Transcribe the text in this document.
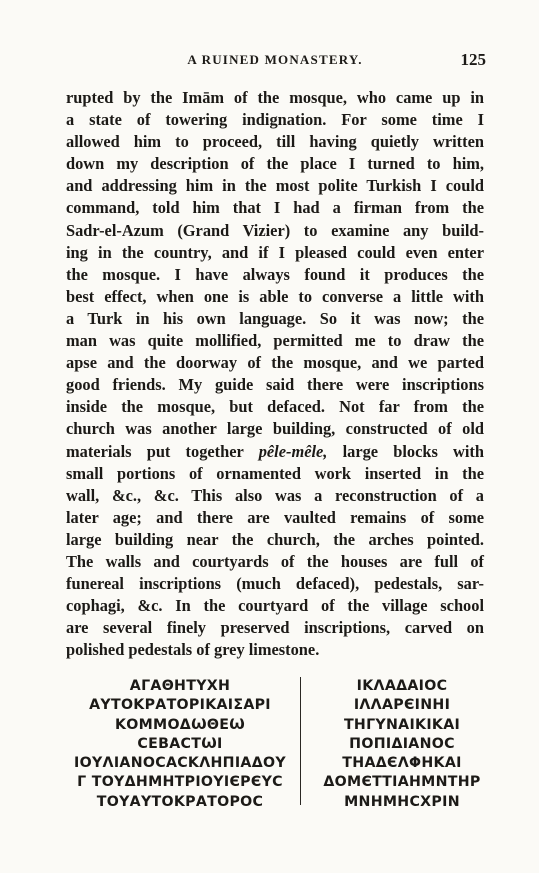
A RUINED MONASTERY.	125
rupted by the Imām of the mosque, who came up in
a state of towering indignation. For some time I
allowed him to proceed, till having quietly written
down my description of the place I turned to him,
and addressing him in the most polite Turkish I could
command, told him that I had a firman from the
Sadr-el-Azum (Grand Vizier) to examine any build-
ing in the country, and if I pleased could even enter
the mosque. I have always found it produces the
best effect, when one is able to converse a little with
a Turk in his own language. So it was now; the
man was quite mollified, permitted me to draw the
apse and the doorway of the mosque, and we parted
good friends. My guide said there were inscriptions
inside the mosque, but defaced. Not far from the
church was another large building, constructed of old
materials put together pêle-mêle, large blocks with
small portions of ornamented work inserted in the
wall, &c., &c. This also was a reconstruction of a
later age; and there are vaulted remains of some
large building near the church, the arches pointed.
The walls and courtyards of the houses are full of
funereal inscriptions (much defaced), pedestals, sar-
cophagi, &c. In the courtyard of the village school
are several finely preserved inscriptions, carved on
polished pedestals of grey limestone.
ΑΓΑΘΗΤΥΧΗ
ΑΥΤΟΚΡΑΤΟΡΙΚΑΙΣΑΡΙ
ΚΟΜΜΟΔѠΘΕѠ
CEBACTѠI
ΙΟΥΛΙΑΝΟCACΚΛΗΠΙΑΔΟΥ
Γ ΤΟΥΔΗΜΗΤΡΙΟΥΙЄΡЄΥC
ΤΟΥΑΥΤΟΚΡΑΤΟΡΟC
ΙΚΛΑΔΑΙΟC
ΙΛΛΑΡЄΙΝΗΙ
ΤΗΓΥΝΑΙΚΙΚΑΙ
ΠΟΠΙΔΙΑΝΟC
ΤΗΑΔЄΛΦΗΚΑΙ
ΔΟΜЄΤΤΙΑΗΜΝΤΗΡ
ΜΝΗΜΗCΧΡΙΝ
